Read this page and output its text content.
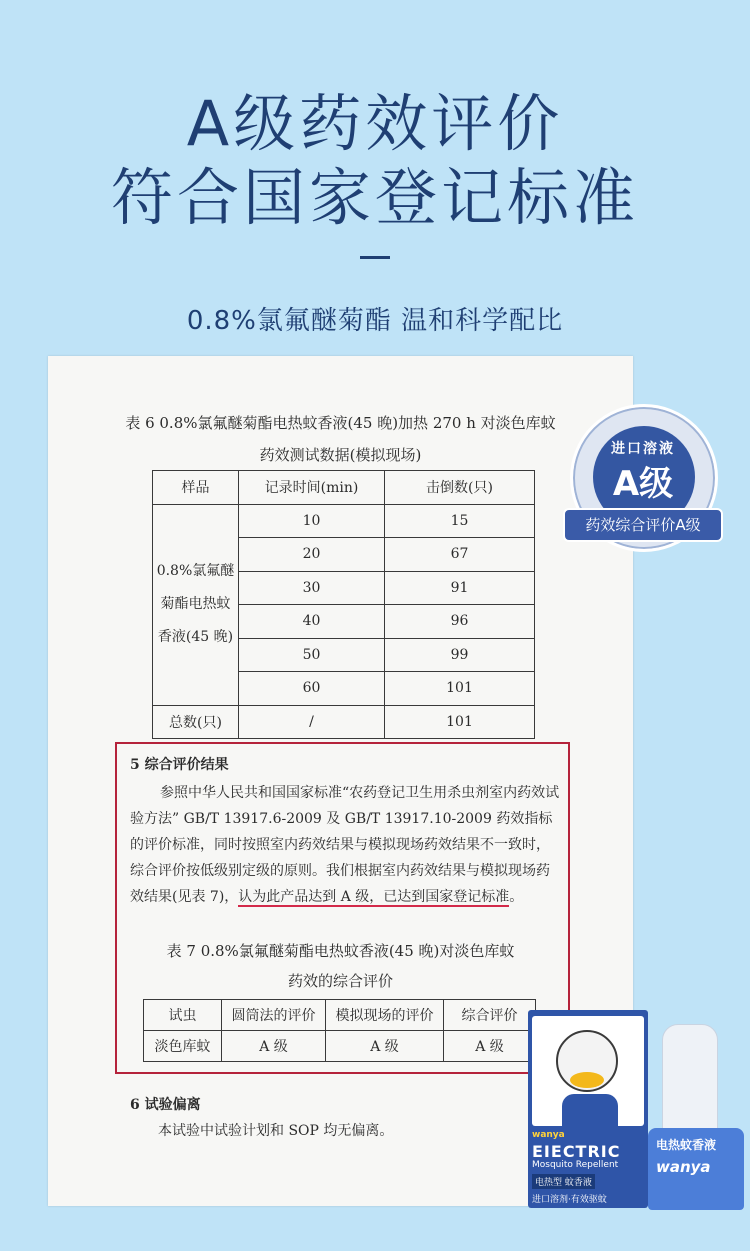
A级药效评价
符合国家登记标准
0.8%氯氟醚菊酯 温和科学配比
表 6 0.8%氯氟醚菊酯电热蚊香液(45 晚)加热 270 h 对淡色库蚊
药效测试数据(模拟现场)
样品	记录时间(min)	击倒数(只)

0.8%氯氟醚
菊酯电热蚊
香液(45 晚)	10	15
	20	67
	30	91
	40	96
	50	99
	60	101
总数(只)	/	101
5 综合评价结果
参照中华人民共和国国家标准“农药登记卫生用杀虫剂室内药效试验方法” GB/T 13917.6-2009 及 GB/T 13917.10-2009 药效指标的评价标准，同时按照室内药效结果与模拟现场药效结果不一致时，综合评价按低级别定级的原则。我们根据室内药效结果与模拟现场药效结果(见表 7)，认为此产品达到 A 级，已达到国家登记标准。
表 7 0.8%氯氟醚菊酯电热蚊香液(45 晚)对淡色库蚊
药效的综合评价
试虫	圆筒法的评价	模拟现场的评价	综合评价
淡色库蚊	A 级	A 级	A 级
6 试验偏离
本试验中试验计划和 SOP 均无偏离。
进口溶液
A级
药效综合评价A级
wanya
EIECTRIC
Mosquito Repellent
电热型 蚊香液
进口溶剂·有效驱蚊
电热蚊香液
wanya
